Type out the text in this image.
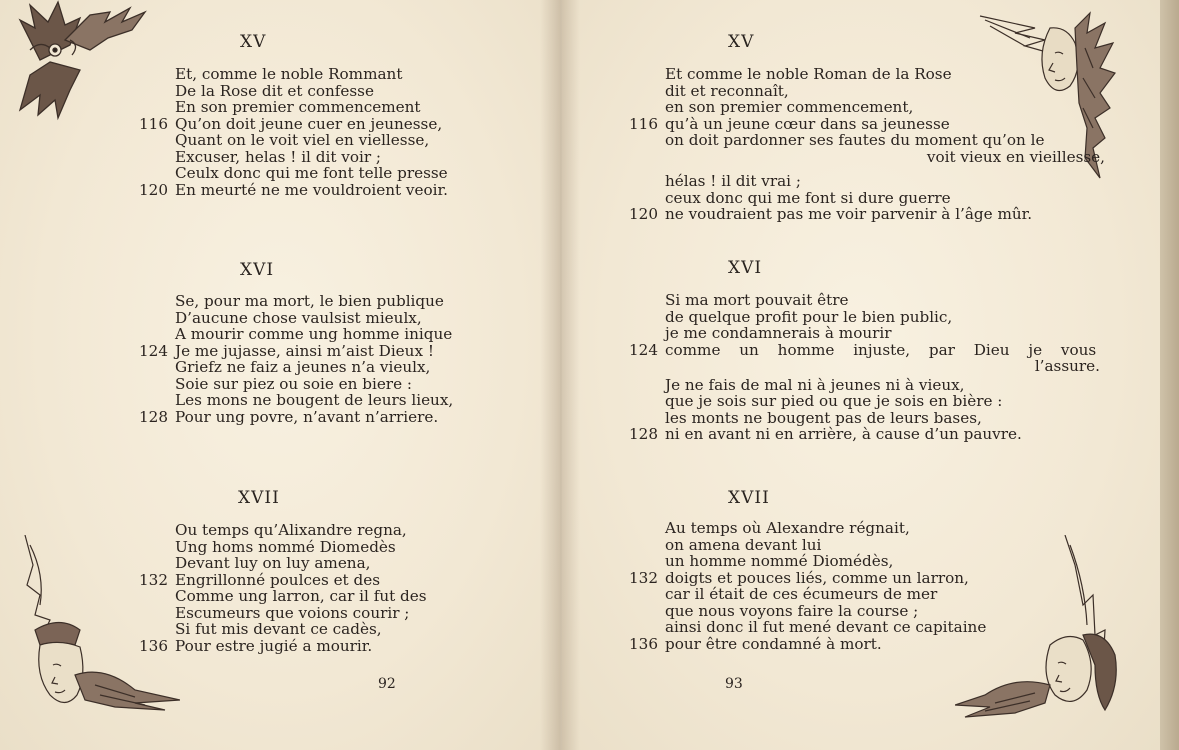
XV
Et, comme le noble Rommant
De la Rose dit et confesse
En son premier commencement
116 Qu’on doit jeune cuer en jeunesse,
Quant on le voit viel en viellesse,
Excuser, helas ! il dit voir ;
Ceulx donc qui me font telle presse
120 En meurté ne me vouldroient veoir.
XVI
Se, pour ma mort, le bien publique
D’aucune chose vaulsist mieulx,
A mourir comme ung homme inique
124 Je me jujasse, ainsi m’aist Dieux !
Griefz ne faiz a jeunes n’a vieulx,
Soie sur piez ou soie en biere :
Les mons ne bougent de leurs lieux,
128 Pour ung povre, n’avant n’arriere.
XVII
Ou temps qu’Alixandre regna,
Ung homs nommé Diomedès
Devant luy on luy amena,
132 Engrillonné poulces et des
Comme ung larron, car il fut des
Escumeurs que voions courir ;
Si fut mis devant ce cadès,
136 Pour estre jugié a mourir.
92
XV
Et comme le noble Roman de la Rose
dit et reconnaît,
en son premier commencement,
116 qu’à un jeune cœur dans sa jeunesse
on doit pardonner ses fautes du moment qu’on le
voit vieux en vieillesse,
hélas ! il dit vrai ;
ceux donc qui me font si dure guerre
120 ne voudraient pas me voir parvenir à l’âge mûr.
XVI
Si ma mort pouvait être
de quelque profit pour le bien public,
je me condamnerais à mourir
124 comme un homme injuste, par Dieu je vous
l’assure.
Je ne fais de mal ni à jeunes ni à vieux,
que je sois sur pied ou que je sois en bière :
les monts ne bougent pas de leurs bases,
128 ni en avant ni en arrière, à cause d’un pauvre.
XVII
Au temps où Alexandre régnait,
on amena devant lui
un homme nommé Diomédès,
132 doigts et pouces liés, comme un larron,
car il était de ces écumeurs de mer
que nous voyons faire la course ;
ainsi donc il fut mené devant ce capitaine
136 pour être condamné à mort.
93
